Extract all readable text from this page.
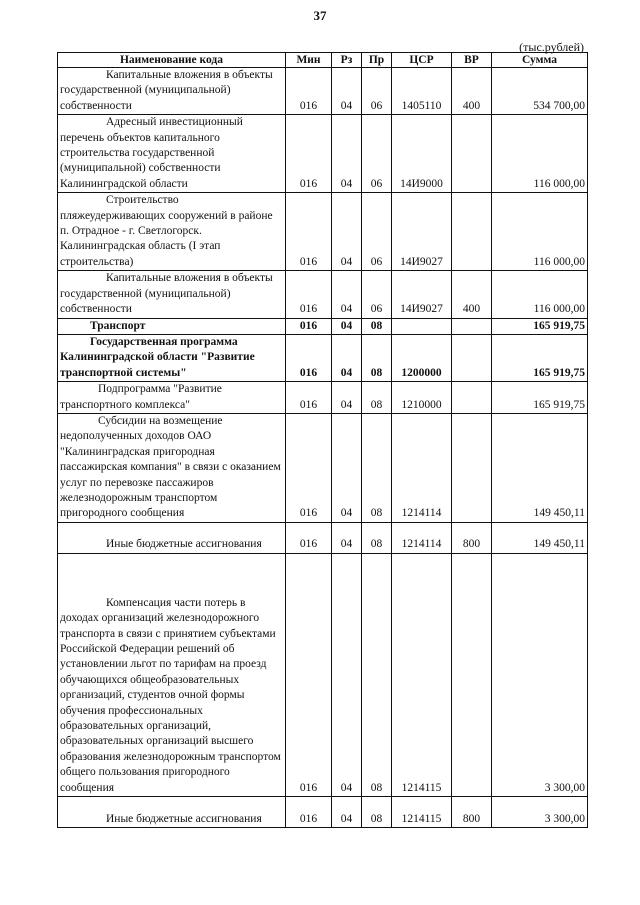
37
(тыс.рублей)
Наименование кода	Мин	Рз	Пр	ЦСР	ВР	Сумма

Капитальные вложения в объекты государственной (муниципальной) собственности	016	04	06	1405110	400	534 700,00

Адресный инвестиционный перечень объектов капитального строительства государственной (муниципальной) собственности Калининградской области	016	04	06	14И9000		116 000,00

Строительство пляжеудерживающих сооружений в районе п. Отрадное - г. Светлогорск. Калининградская область (I этап строительства)	016	04	06	14И9027		116 000,00

Капитальные вложения в объекты государственной (муниципальной) собственности	016	04	06	14И9027	400	116 000,00

Транспорт	016	04	08			165 919,75

Государственная программа Калининградской области "Развитие транспортной системы"	016	04	08	1200000		165 919,75

Подпрограмма "Развитие транспортного комплекса"	016	04	08	1210000		165 919,75

Субсидии на возмещение недополученных доходов ОАО "Калининградская пригородная пассажирская компания" в связи с оказанием услуг по перевозке пассажиров железнодорожным транспортом пригородного сообщения	016	04	08	1214114		149 450,11

Иные бюджетные ассигнования	016	04	08	1214114	800	149 450,11

Компенсация части потерь в доходах организаций железнодорожного транспорта в связи с принятием субъектами Российской Федерации решений об установлении льгот по тарифам на проезд обучающихся общеобразовательных организаций, студентов очной формы обучения профессиональных образовательных организаций, образовательных организаций высшего образования железнодорожным транспортом общего пользования пригородного сообщения	016	04	08	1214115		3 300,00

Иные бюджетные ассигнования	016	04	08	1214115	800	3 300,00
